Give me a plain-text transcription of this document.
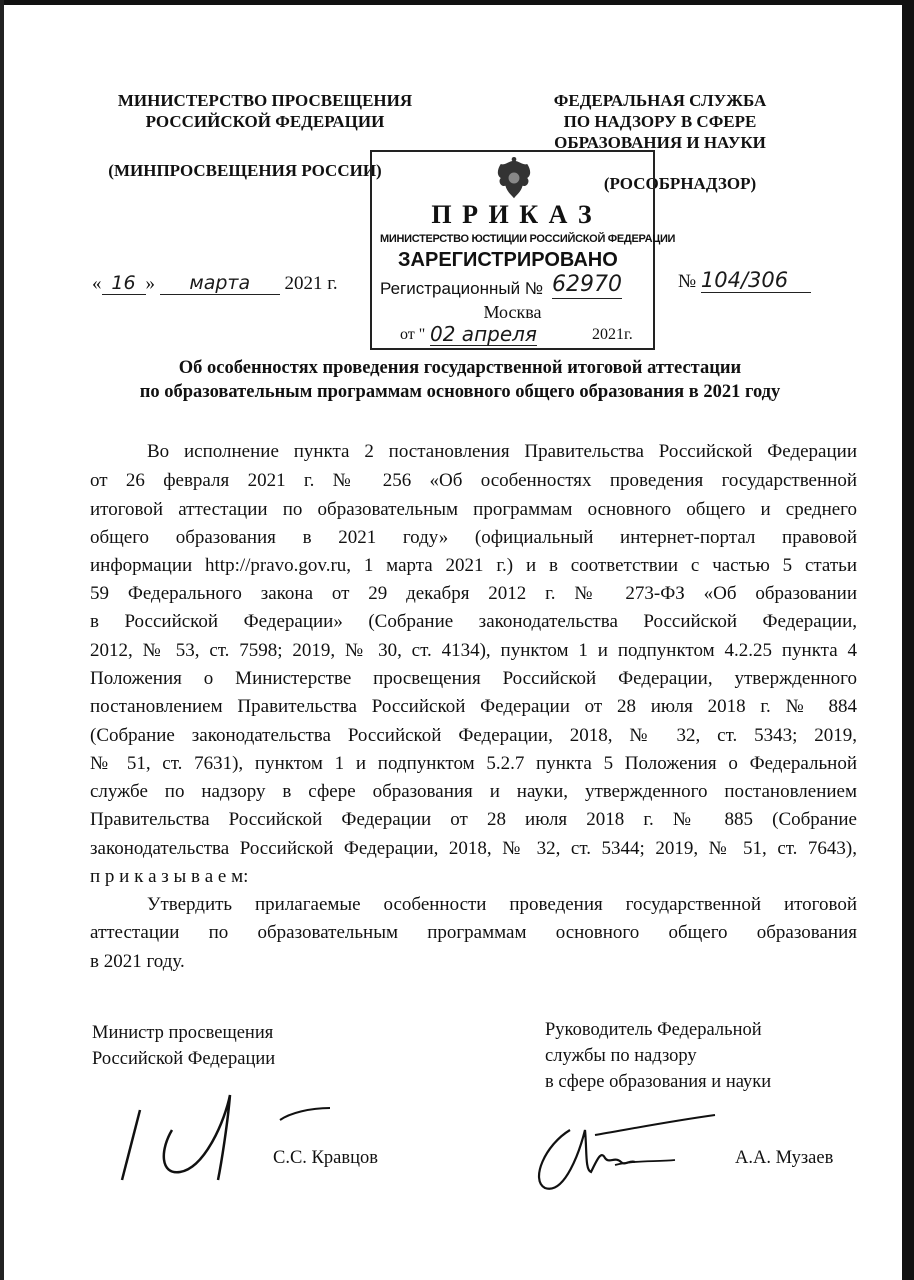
МИНИСТЕРСТВО ПРОСВЕЩЕНИЯ
РОССИЙСКОЙ ФЕДЕРАЦИИ
(МИНПРОСВЕЩЕНИЯ РОССИИ)
ФЕДЕРАЛЬНАЯ СЛУЖБА
ПО НАДЗОРУ В СФЕРЕ
ОБРАЗОВАНИЯ И НАУКИ
(РОСОБРНАДЗОР)
П Р И К А З
МИНИСТЕРСТВО ЮСТИЦИИ РОССИЙСКОЙ ФЕДЕРАЦИИ
ЗАРЕГИСТРИРОВАНО
Регистрационный № 62970
Москва
от " 02 апреля	2021г.
« 16 » марта 2021 г.	№ 104/306
Об особенностях проведения государственной итоговой аттестации
по образовательным программам основного общего образования в 2021 году
Во исполнение пункта 2 постановления Правительства Российской Федерации
от 26 февраля 2021 г. № 256 «Об особенностях проведения государственной
итоговой аттестации по образовательным программам основного общего и среднего
общего образования в 2021 году» (официальный интернет-портал правовой
информации http://pravo.gov.ru, 1 марта 2021 г.) и в соответствии с частью 5 статьи
59 Федерального закона от 29 декабря 2012 г. № 273-ФЗ «Об образовании
в Российской Федерации» (Собрание законодательства Российской Федерации,
2012, № 53, ст. 7598; 2019, № 30, ст. 4134), пунктом 1 и подпунктом 4.2.25 пункта 4
Положения о Министерстве просвещения Российской Федерации, утвержденного
постановлением Правительства Российской Федерации от 28 июля 2018 г. № 884
(Собрание законодательства Российской Федерации, 2018, № 32, ст. 5343; 2019,
№ 51, ст. 7631), пунктом 1 и подпунктом 5.2.7 пункта 5 Положения о Федеральной
службе по надзору в сфере образования и науки, утвержденного постановлением
Правительства Российской Федерации от 28 июля 2018 г. № 885 (Собрание
законодательства Российской Федерации, 2018, № 32, ст. 5344; 2019, № 51, ст. 7643),
п р и к а з ы в а е м:
Утвердить прилагаемые особенности проведения государственной итоговой
аттестации по образовательным программам основного общего образования
в 2021 году.
Министр просвещения
Российской Федерации
С.С. Кравцов
Руководитель Федеральной
службы по надзору
в сфере образования и науки
А.А. Музаев
